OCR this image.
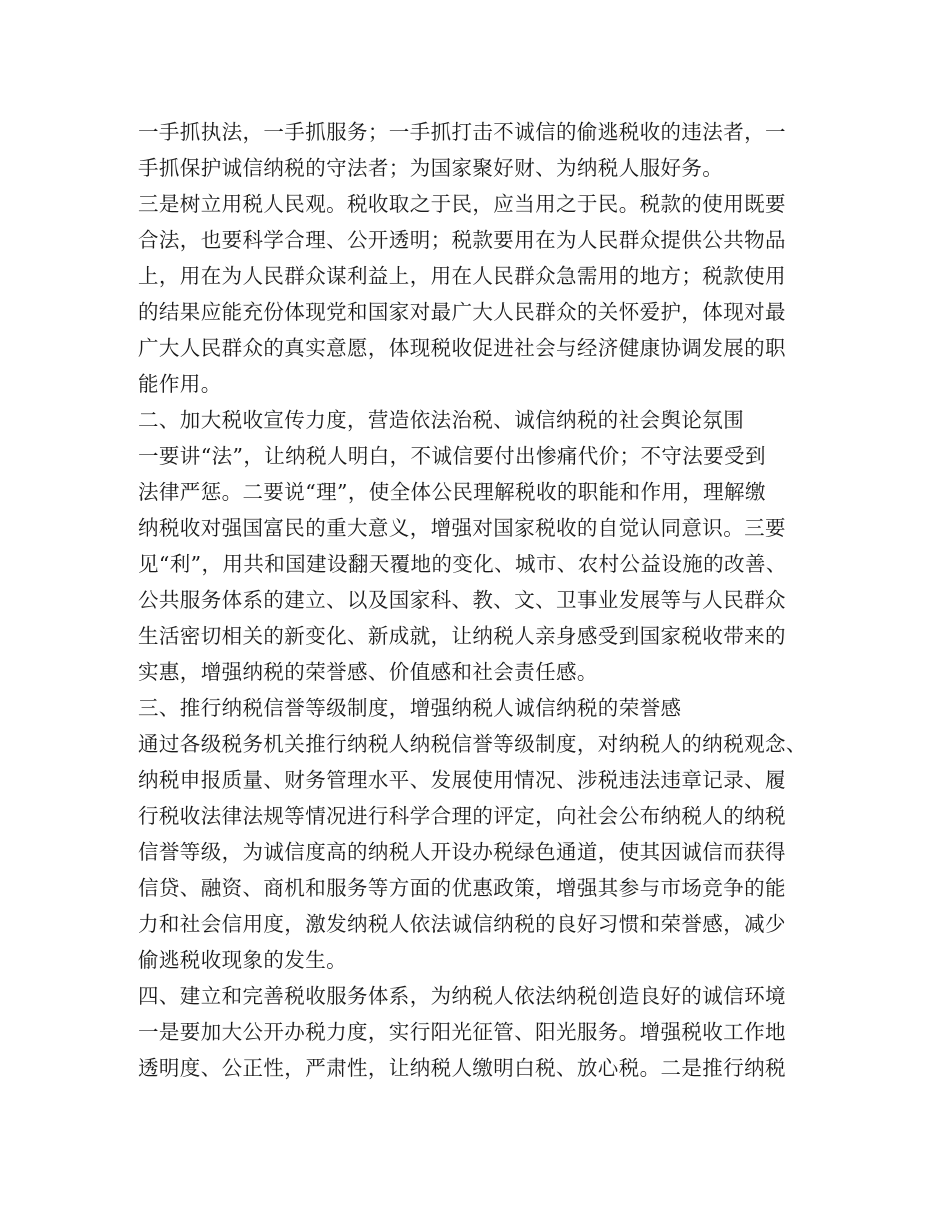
一手抓执法，一手抓服务；一手抓打击不诚信的偷逃税收的违法者，一
手抓保护诚信纳税的守法者；为国家聚好财、为纳税人服好务。
三是树立用税人民观。税收取之于民，应当用之于民。税款的使用既要
合法，也要科学合理、公开透明；税款要用在为人民群众提供公共物品
上，用在为人民群众谋利益上，用在人民群众急需用的地方；税款使用
的结果应能充份体现党和国家对最广大人民群众的关怀爱护，体现对最
广大人民群众的真实意愿，体现税收促进社会与经济健康协调发展的职
能作用。
二、加大税收宣传力度，营造依法治税、诚信纳税的社会舆论氛围
一要讲“法”，让纳税人明白，不诚信要付出惨痛代价；不守法要受到
法律严惩。二要说“理”，使全体公民理解税收的职能和作用，理解缴
纳税收对强国富民的重大意义，增强对国家税收的自觉认同意识。三要
见“利”，用共和国建设翻天覆地的变化、城市、农村公益设施的改善、
公共服务体系的建立、以及国家科、教、文、卫事业发展等与人民群众
生活密切相关的新变化、新成就，让纳税人亲身感受到国家税收带来的
实惠，增强纳税的荣誉感、价值感和社会责任感。
三、推行纳税信誉等级制度，增强纳税人诚信纳税的荣誉感
通过各级税务机关推行纳税人纳税信誉等级制度，对纳税人的纳税观念、
纳税申报质量、财务管理水平、发展使用情况、涉税违法违章记录、履
行税收法律法规等情况进行科学合理的评定，向社会公布纳税人的纳税
信誉等级，为诚信度高的纳税人开设办税绿色通道，使其因诚信而获得
信贷、融资、商机和服务等方面的优惠政策，增强其参与市场竞争的能
力和社会信用度，激发纳税人依法诚信纳税的良好习惯和荣誉感，减少
偷逃税收现象的发生。
四、建立和完善税收服务体系，为纳税人依法纳税创造良好的诚信环境
一是要加大公开办税力度，实行阳光征管、阳光服务。增强税收工作地
透明度、公正性，严肃性，让纳税人缴明白税、放心税。二是推行纳税
